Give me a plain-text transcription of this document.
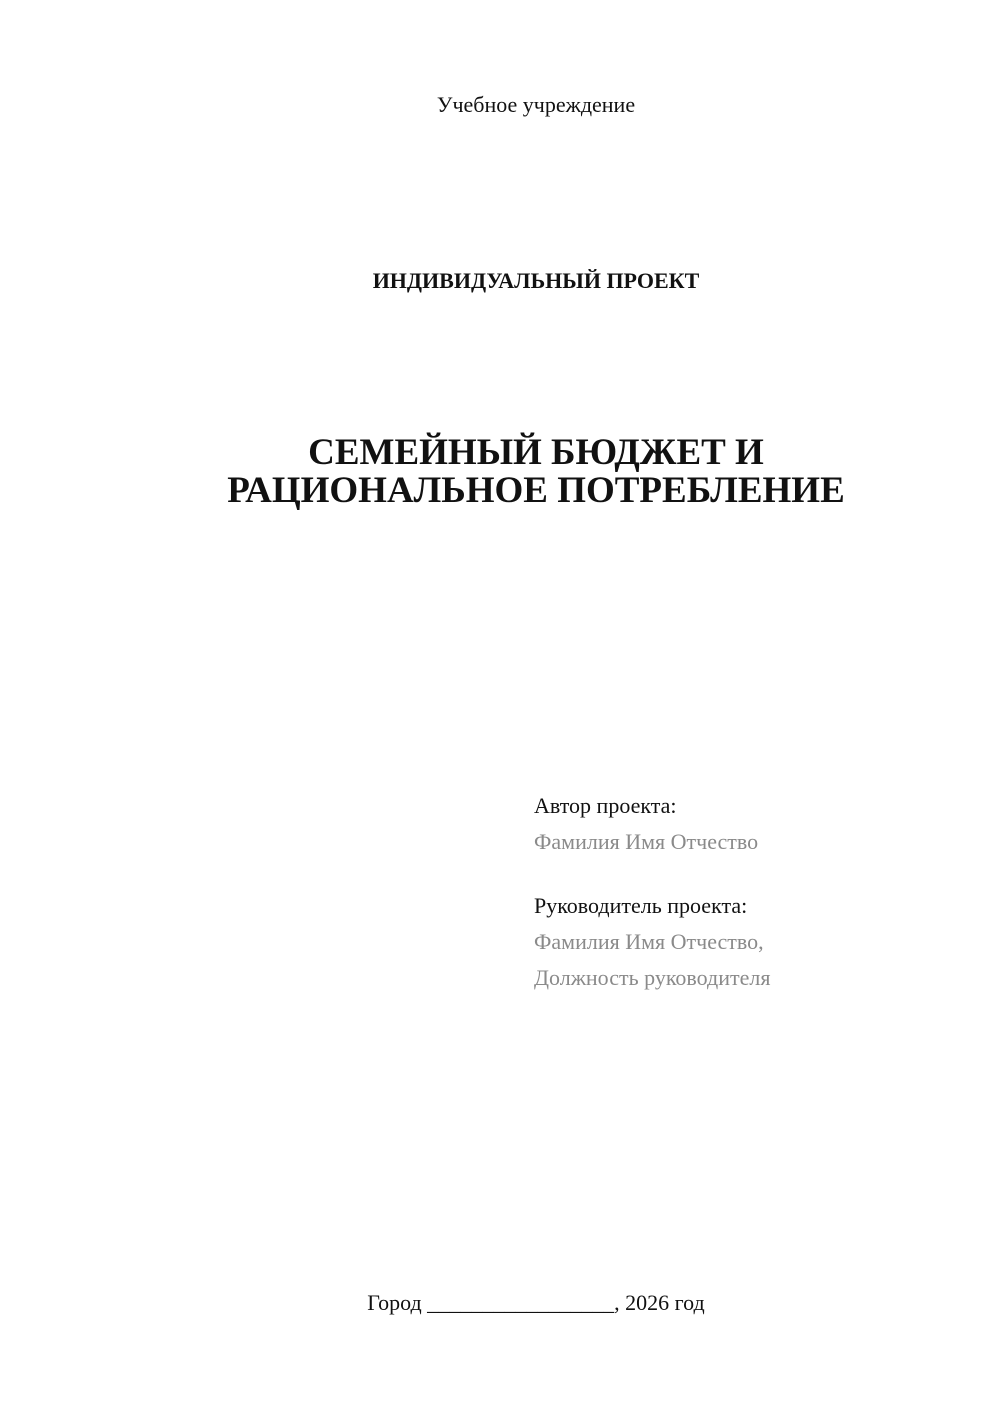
Учебное учреждение
ИНДИВИДУАЛЬНЫЙ ПРОЕКТ
СЕМЕЙНЫЙ БЮДЖЕТ И
РАЦИОНАЛЬНОЕ ПОТРЕБЛЕНИЕ
Автор проекта:
Фамилия Имя Отчество
Руководитель проекта:
Фамилия Имя Отчество,
Должность руководителя
Город _________________, 2026 год
